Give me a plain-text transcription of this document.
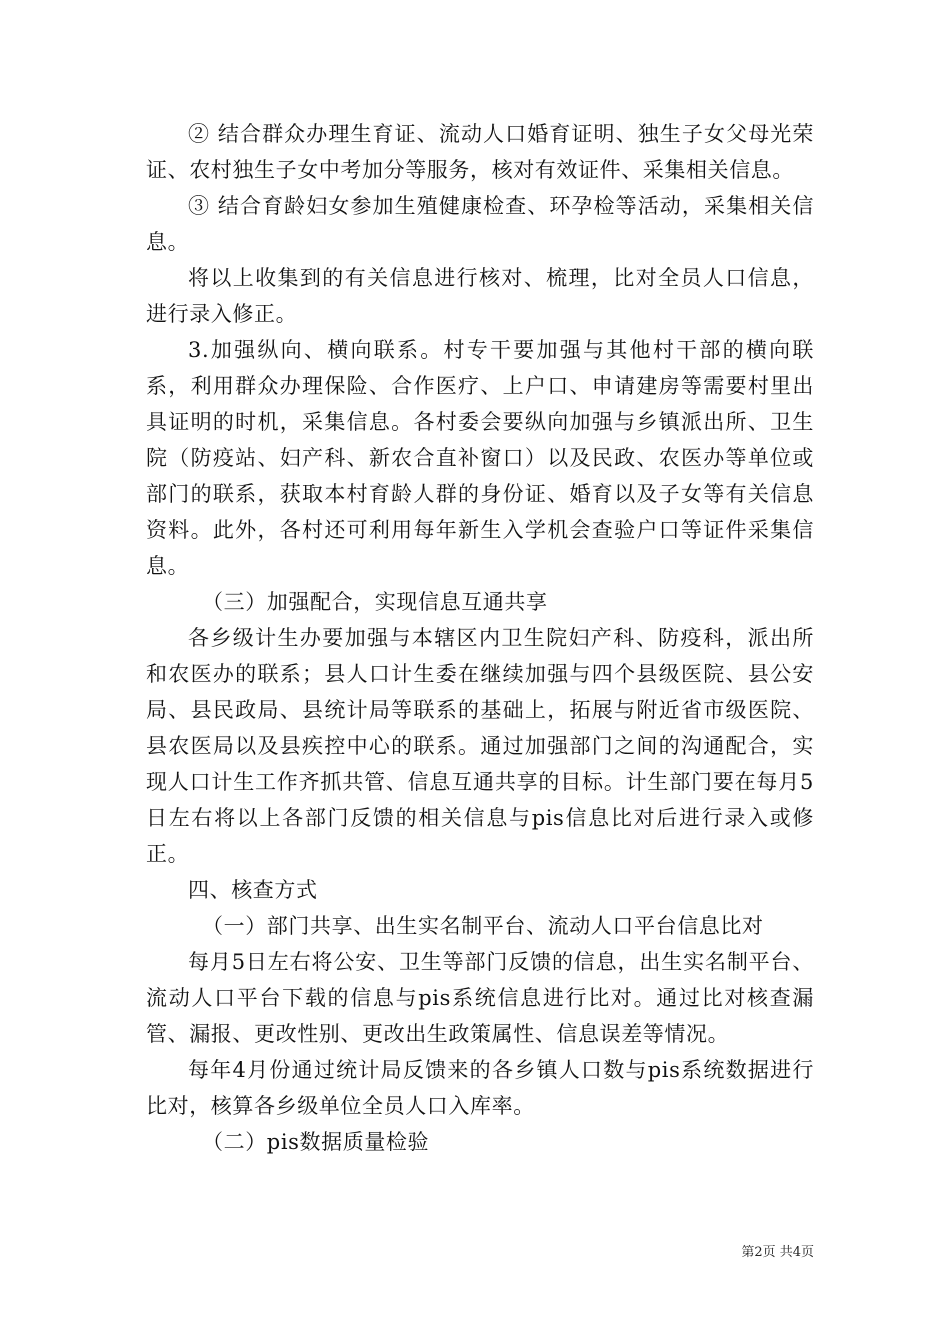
② 结合群众办理生育证、流动人口婚育证明、独生子女父母光荣证、农村独生子女中考加分等服务，核对有效证件、采集相关信息。

③ 结合育龄妇女参加生殖健康检查、环孕检等活动，采集相关信息。

将以上收集到的有关信息进行核对、梳理，比对全员人口信息，进行录入修正。

3.加强纵向、横向联系。村专干要加强与其他村干部的横向联系，利用群众办理保险、合作医疗、上户口、申请建房等需要村里出具证明的时机，采集信息。各村委会要纵向加强与乡镇派出所、卫生院（防疫站、妇产科、新农合直补窗口）以及民政、农医办等单位或部门的联系，获取本村育龄人群的身份证、婚育以及子女等有关信息资料。此外，各村还可利用每年新生入学机会查验户口等证件采集信息。

（三）加强配合，实现信息互通共享

各乡级计生办要加强与本辖区内卫生院妇产科、防疫科，派出所和农医办的联系；县人口计生委在继续加强与四个县级医院、县公安局、县民政局、县统计局等联系的基础上，拓展与附近省市级医院、县农医局以及县疾控中心的联系。通过加强部门之间的沟通配合，实现人口计生工作齐抓共管、信息互通共享的目标。计生部门要在每月5日左右将以上各部门反馈的相关信息与pis信息比对后进行录入或修正。

四、核查方式

（一）部门共享、出生实名制平台、流动人口平台信息比对

每月5日左右将公安、卫生等部门反馈的信息，出生实名制平台、流动人口平台下载的信息与pis系统信息进行比对。通过比对核查漏管、漏报、更改性别、更改出生政策属性、信息误差等情况。

每年4月份通过统计局反馈来的各乡镇人口数与pis系统数据进行比对，核算各乡级单位全员人口入库率。

（二）pis数据质量检验

第2页 共4页
